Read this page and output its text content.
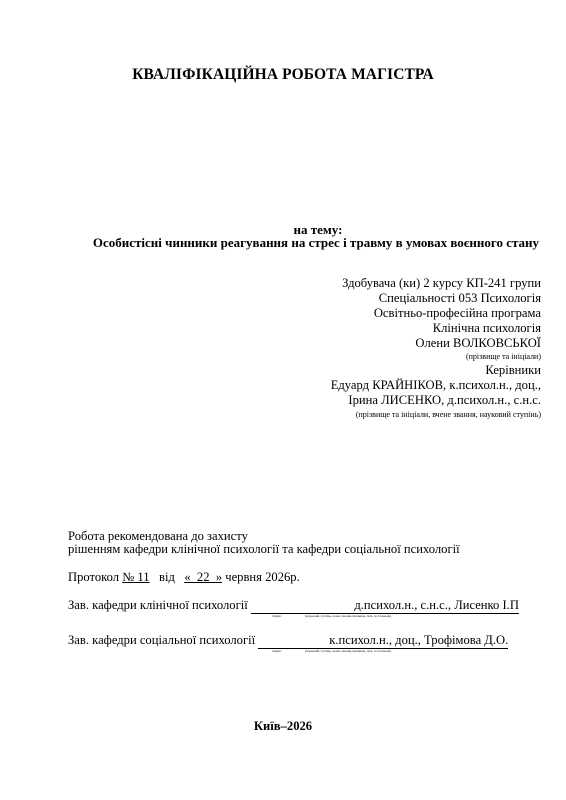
КВАЛІФІКАЦІЙНА РОБОТА МАГІСТРА
на тему:
Особистісні чинники реагування на стрес і травму в умовах воєнного стану
Здобувача (ки) 2 курсу КП-241 групи
Спеціальності 053 Психологія
Освітньо-професійна програма
Клінічна психологія
Олени ВОЛКОВСЬКОЇ
(прізвище та ініціали)
Керівники
Едуард КРАЙНІКОВ, к.психол.н., доц.,
Ірина ЛИСЕНКО, д.психол.н., с.н.с.
(прізвище та ініціали, вчене звання, науковий ступінь)
Робота рекомендована до захисту
рішенням кафедри клінічної психології та кафедри соціальної психології
Протокол № 11 від « 22 » червня 2026р.
Зав. кафедри клінічної психології	д.психол.н., с.н.с., Лисенко І.П
підпис	(науковий ступінь, вчене звання,прізвище, ім'я, по батькові)
Зав. кафедри соціальної психології	к.психол.н., доц., Трофімова Д.О.
підпис	(науковий ступінь, вчене звання,прізвище, ім'я, по батькові)
Київ–2026
